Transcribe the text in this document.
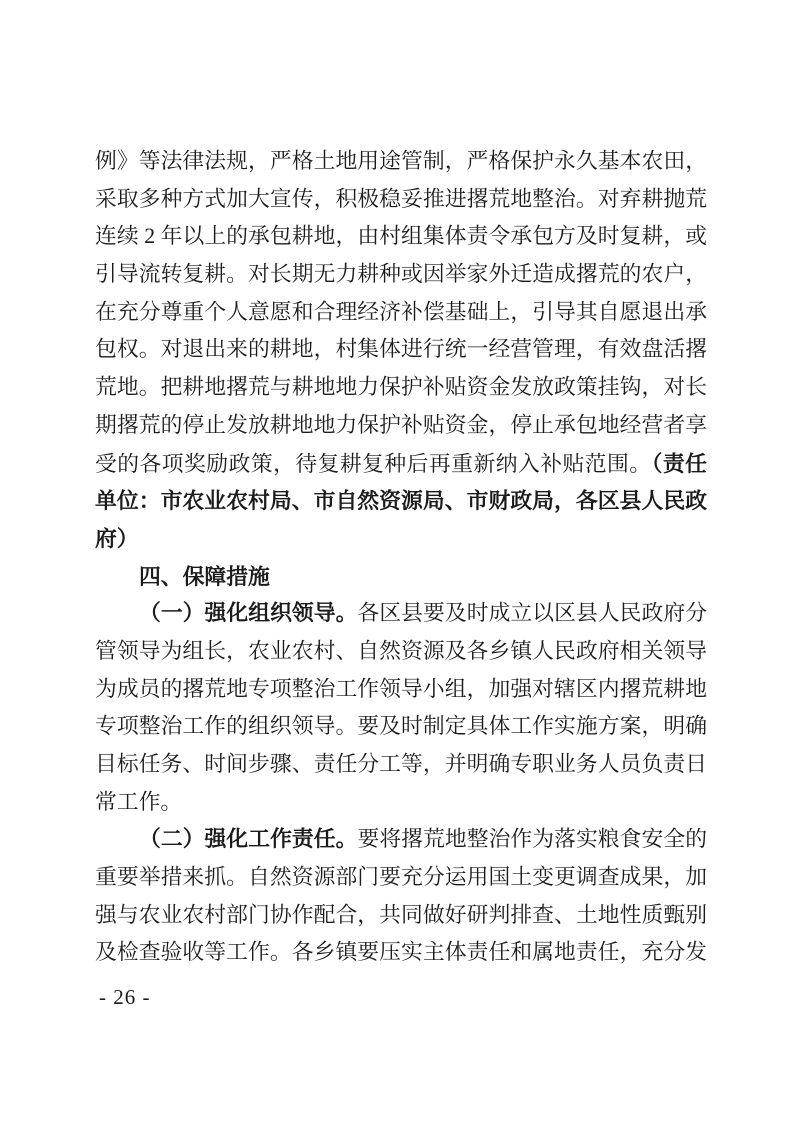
例》等法律法规，严格土地用途管制，严格保护永久基本农田，
采取多种方式加大宣传，积极稳妥推进撂荒地整治。对弃耕抛荒
连续 2 年以上的承包耕地，由村组集体责令承包方及时复耕，或
引导流转复耕。对长期无力耕种或因举家外迁造成撂荒的农户，
在充分尊重个人意愿和合理经济补偿基础上，引导其自愿退出承
包权。对退出来的耕地，村集体进行统一经营管理，有效盘活撂
荒地。把耕地撂荒与耕地地力保护补贴资金发放政策挂钩，对长
期撂荒的停止发放耕地地力保护补贴资金，停止承包地经营者享
受的各项奖励政策，待复耕复种后再重新纳入补贴范围。（责任
单位：市农业农村局、市自然资源局、市财政局，各区县人民政
府）
四、保障措施
（一）强化组织领导。各区县要及时成立以区县人民政府分
管领导为组长，农业农村、自然资源及各乡镇人民政府相关领导
为成员的撂荒地专项整治工作领导小组，加强对辖区内撂荒耕地
专项整治工作的组织领导。要及时制定具体工作实施方案，明确
目标任务、时间步骤、责任分工等，并明确专职业务人员负责日
常工作。
（二）强化工作责任。要将撂荒地整治作为落实粮食安全的
重要举措来抓。自然资源部门要充分运用国土变更调查成果，加
强与农业农村部门协作配合，共同做好研判排查、土地性质甄别
及检查验收等工作。各乡镇要压实主体责任和属地责任，充分发
- 26 -
